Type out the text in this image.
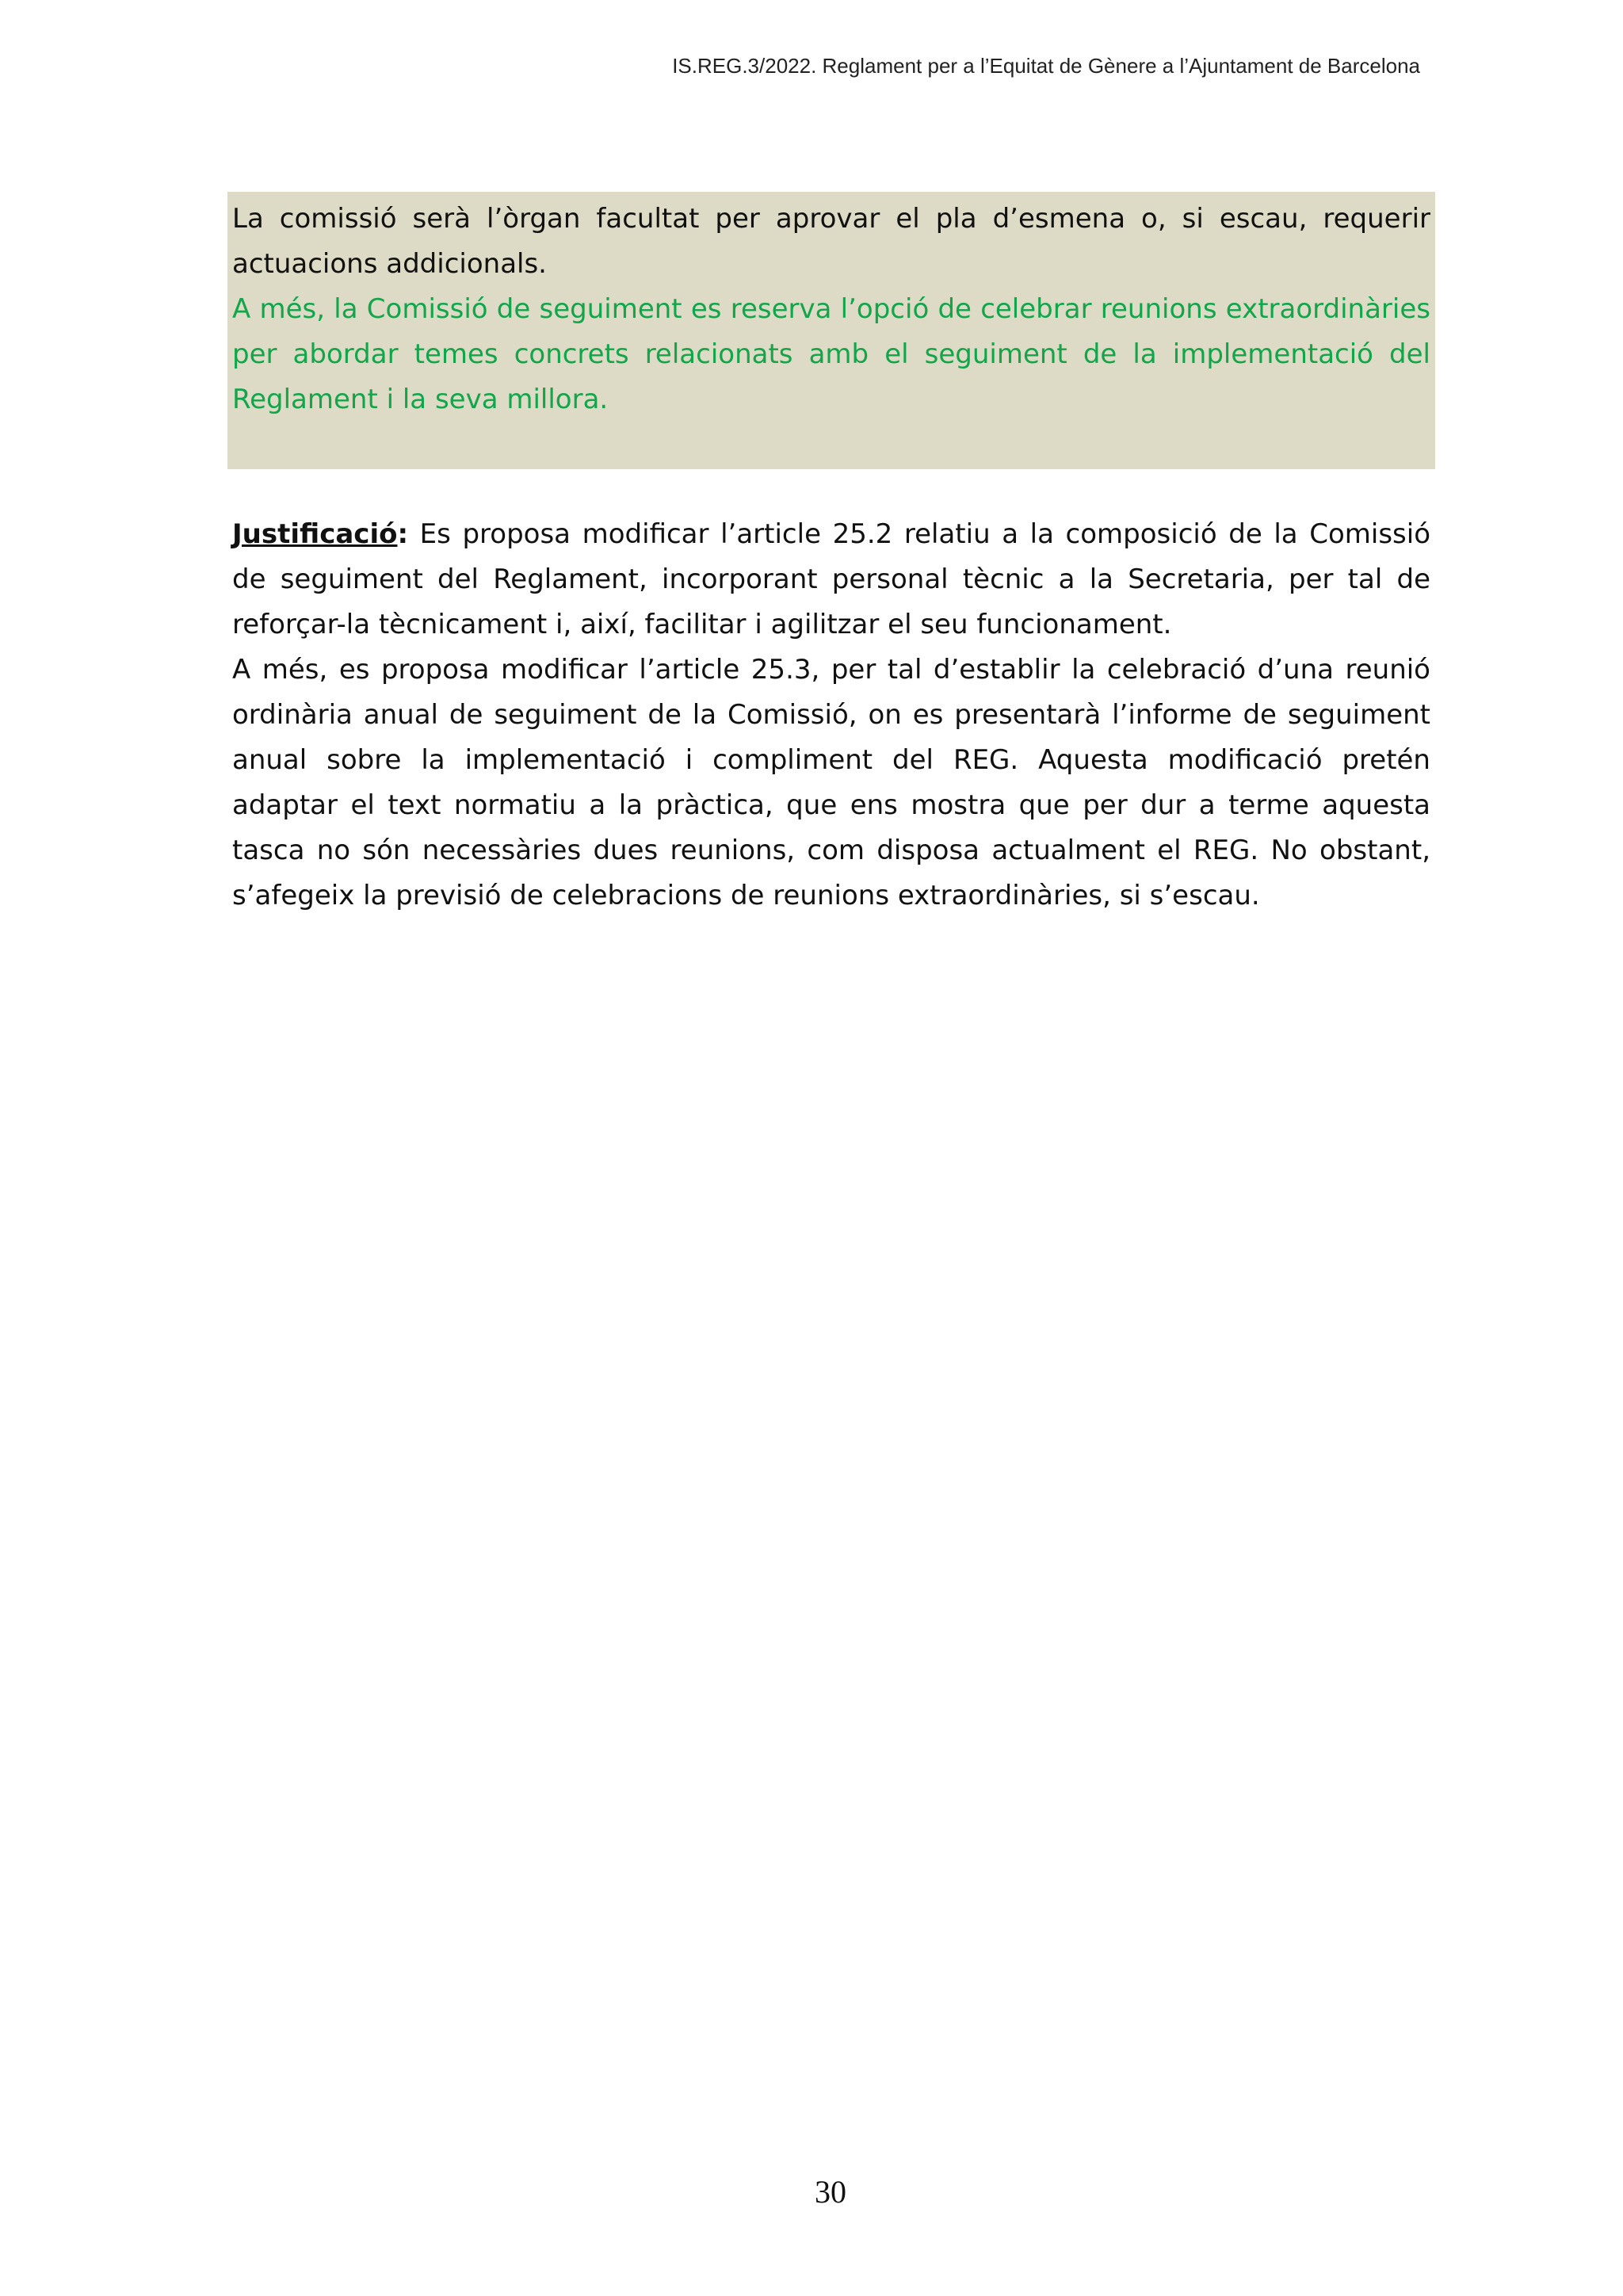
IS.REG.3/2022. Reglament per a l’Equitat de Gènere a l’Ajuntament de Barcelona

La comissió serà l’òrgan facultat per aprovar el pla d’esmena o, si escau, requerir actuacions addicionals.

A més, la Comissió de seguiment es reserva l’opció de celebrar reunions extraordinàries per abordar temes concrets relacionats amb el seguiment de la implementació del Reglament i la seva millora.

Justificació: Es proposa modificar l’article 25.2 relatiu a la composició de la Comissió de seguiment del Reglament, incorporant personal tècnic a la Secretaria, per tal de reforçar-la tècnicament i, així, facilitar i agilitzar el seu funcionament.

A més, es proposa modificar l’article 25.3, per tal d’establir la celebració d’una reunió ordinària anual de seguiment de la Comissió, on es presentarà l’informe de seguiment anual sobre la implementació i compliment del REG. Aquesta modificació pretén adaptar el text normatiu a la pràctica, que ens mostra que per dur a terme aquesta tasca no són necessàries dues reunions, com disposa actualment el REG. No obstant, s’afegeix la previsió de celebracions de reunions extraordinàries, si s’escau.

30
